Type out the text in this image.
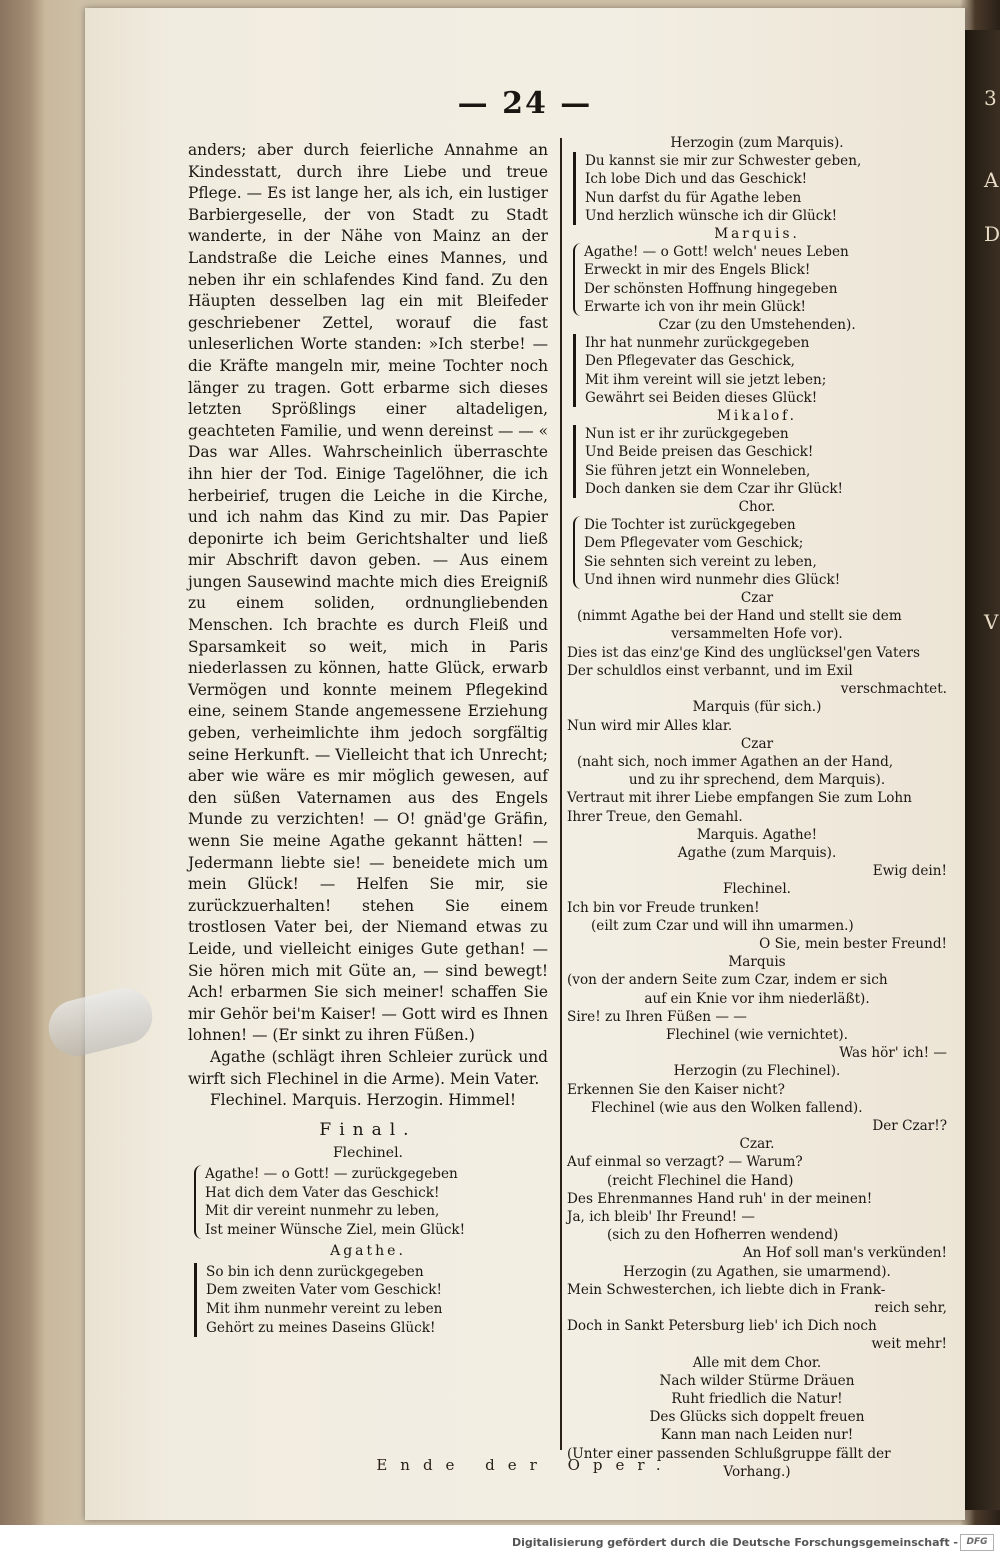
3
A
D
V
— 24 —

anders; aber durch feierliche Annahme an Kindesstatt, durch ihre Liebe und treue Pflege. — Es ist lange her, als ich, ein lustiger Barbiergeselle, der von Stadt zu Stadt wanderte, in der Nähe von Mainz an der Landstraße die Leiche eines Mannes, und neben ihr ein schlafendes Kind fand. Zu den Häupten desselben lag ein mit Bleifeder geschriebener Zettel, worauf die fast unleserlichen Worte standen: »Ich sterbe! — die Kräfte mangeln mir, meine Tochter noch länger zu tragen. Gott erbarme sich dieses letzten Sprößlings einer altadeligen, geachteten Familie, und wenn dereinst — — « Das war Alles. Wahrscheinlich überraschte ihn hier der Tod. Einige Tagelöhner, die ich herbeirief, trugen die Leiche in die Kirche, und ich nahm das Kind zu mir. Das Papier deponirte ich beim Gerichtshalter und ließ mir Abschrift davon geben. — Aus einem jungen Sausewind machte mich dies Ereigniß zu einem soliden, ordnungliebenden Menschen. Ich brachte es durch Fleiß und Sparsamkeit so weit, mich in Paris niederlassen zu können, hatte Glück, erwarb Vermögen und konnte meinem Pflegekind eine, seinem Stande angemessene Erziehung geben, verheimlichte ihm jedoch sorgfältig seine Herkunft. — Vielleicht that ich Unrecht; aber wie wäre es mir möglich gewesen, auf den süßen Vaternamen aus des Engels Munde zu verzichten! — O! gnäd'ge Gräfin, wenn Sie meine Agathe gekannt hätten! — Jedermann liebte sie! — beneidete mich um mein Glück! — Helfen Sie mir, sie zurückzuerhalten! stehen Sie einem trostlosen Vater bei, der Niemand etwas zu Leide, und vielleicht einiges Gute gethan! — Sie hören mich mit Güte an, — sind bewegt! Ach! erbarmen Sie sich meiner! schaffen Sie mir Gehör bei'm Kaiser! — Gott wird es Ihnen lohnen! — (Er sinkt zu ihren Füßen.)

Agathe (schlägt ihren Schleier zurück und wirft sich Flechinel in die Arme). Mein Vater.

Flechinel. Marquis. Herzogin. Himmel!

Final.
Flechinel.
Agathe! — o Gott! — zurückgegeben
Hat dich dem Vater das Geschick!
Mit dir vereint nunmehr zu leben,
Ist meiner Wünsche Ziel, mein Glück!
Agathe.
So bin ich denn zurückgegeben
Dem zweiten Vater vom Geschick!
Mit ihm nunmehr vereint zu leben
Gehört zu meines Daseins Glück!
Herzogin (zum Marquis).
Du kannst sie mir zur Schwester geben,
Ich lobe Dich und das Geschick!
Nun darfst du für Agathe leben
Und herzlich wünsche ich dir Glück!
Marquis.
Agathe! — o Gott! welch' neues Leben
Erweckt in mir des Engels Blick!
Der schönsten Hoffnung hingegeben
Erwarte ich von ihr mein Glück!
Czar (zu den Umstehenden).
Ihr hat nunmehr zurückgegeben
Den Pflegevater das Geschick,
Mit ihm vereint will sie jetzt leben;
Gewährt sei Beiden dieses Glück!
Mikalof.
Nun ist er ihr zurückgegeben
Und Beide preisen das Geschick!
Sie führen jetzt ein Wonneleben,
Doch danken sie dem Czar ihr Glück!
Chor.
Die Tochter ist zurückgegeben
Dem Pflegevater vom Geschick;
Sie sehnten sich vereint zu leben,
Und ihnen wird nunmehr dies Glück!
Czar
(nimmt Agathe bei der Hand und stellt sie dem
versammelten Hofe vor).
Dies ist das einz'ge Kind des unglücksel'gen Vaters
Der schuldlos einst verbannt, und im Exil
verschmachtet.
Marquis (für sich.)
Nun wird mir Alles klar.
Czar
(naht sich, noch immer Agathen an der Hand,
und zu ihr sprechend, dem Marquis).
Vertraut mit ihrer Liebe empfangen Sie zum Lohn
Ihrer Treue, den Gemahl.
Marquis. Agathe!
Agathe (zum Marquis).
Ewig dein!
Flechinel.
Ich bin vor Freude trunken!
(eilt zum Czar und will ihn umarmen.)
O Sie, mein bester Freund!
Marquis
(von der andern Seite zum Czar, indem er sich
auf ein Knie vor ihm niederläßt).
Sire! zu Ihren Füßen — —
Flechinel (wie vernichtet).
Was hör' ich! —
Herzogin (zu Flechinel).
Erkennen Sie den Kaiser nicht?
Flechinel (wie aus den Wolken fallend).
Der Czar!?
Czar.
Auf einmal so verzagt? — Warum?
(reicht Flechinel die Hand)
Des Ehrenmannes Hand ruh' in der meinen!
Ja, ich bleib' Ihr Freund! —
(sich zu den Hofherren wendend)
An Hof soll man's verkünden!
Herzogin (zu Agathen, sie umarmend).
Mein Schwesterchen, ich liebte dich in Frank-
reich sehr,
Doch in Sankt Petersburg lieb' ich Dich noch
weit mehr!
Alle mit dem Chor.
Nach wilder Stürme Dräuen
Ruht friedlich die Natur!
Des Glücks sich doppelt freuen
Kann man nach Leiden nur!
(Unter einer passenden Schlußgruppe fällt der
Vorhang.)
Ende der Oper.
Digitalisierung gefördert durch die Deutsche Forschungsgemeinschaft - DFG
